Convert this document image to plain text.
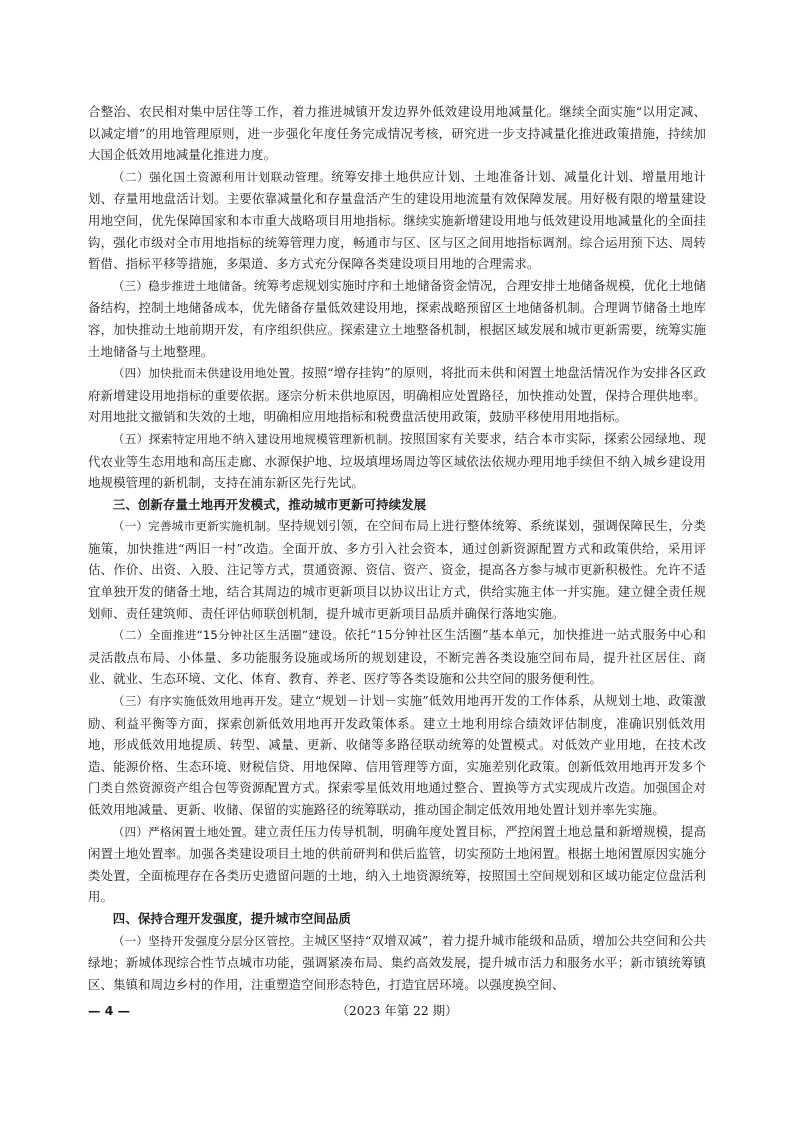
合整治、农民相对集中居住等工作，着力推进城镇开发边界外低效建设用地减量化。继续全面实施“以用定减、以减定增”的用地管理原则，进一步强化年度任务完成情况考核，研究进一步支持减量化推进政策措施，持续加大国企低效用地减量化推进力度。

（二）强化国土资源利用计划联动管理。统筹安排土地供应计划、土地准备计划、减量化计划、增量用地计划、存量用地盘活计划。主要依靠减量化和存量盘活产生的建设用地流量有效保障发展。用好极有限的增量建设用地空间，优先保障国家和本市重大战略项目用地指标。继续实施新增建设用地与低效建设用地减量化的全面挂钩，强化市级对全市用地指标的统筹管理力度，畅通市与区、区与区之间用地指标调剂。综合运用预下达、周转暂借、指标平移等措施，多渠道、多方式充分保障各类建设项目用地的合理需求。

（三）稳步推进土地储备。统筹考虑规划实施时序和土地储备资金情况，合理安排土地储备规模，优化土地储备结构，控制土地储备成本，优先储备存量低效建设用地，探索战略预留区土地储备机制。合理调节储备土地库容，加快推动土地前期开发，有序组织供应。探索建立土地整备机制，根据区域发展和城市更新需要，统筹实施土地储备与土地整理。

（四）加快批而未供建设用地处置。按照“增存挂钩”的原则，将批而未供和闲置土地盘活情况作为安排各区政府新增建设用地指标的重要依据。逐宗分析未供地原因，明确相应处置路径，加快推动处置，保持合理供地率。对用地批文撤销和失效的土地，明确相应用地指标和税费盘活使用政策，鼓励平移使用用地指标。

（五）探索特定用地不纳入建设用地规模管理新机制。按照国家有关要求，结合本市实际，探索公园绿地、现代农业等生态用地和高压走廊、水源保护地、垃圾填埋场周边等区域依法依规办理用地手续但不纳入城乡建设用地规模管理的新机制，支持在浦东新区先行先试。

三、创新存量土地再开发模式，推动城市更新可持续发展

（一）完善城市更新实施机制。坚持规划引领，在空间布局上进行整体统筹、系统谋划，强调保障民生，分类施策，加快推进“两旧一村”改造。全面开放、多方引入社会资本，通过创新资源配置方式和政策供给，采用评估、作价、出资、入股、注记等方式，贯通资源、资信、资产、资金，提高各方参与城市更新积极性。允许不适宜单独开发的储备土地，结合其周边的城市更新项目以协议出让方式，供给实施主体一并实施。建立健全责任规划师、责任建筑师、责任评估师联创机制，提升城市更新项目品质并确保行落地实施。

（二）全面推进“15分钟社区生活圈”建设。依托“15分钟社区生活圈”基本单元，加快推进一站式服务中心和灵活散点布局、小体量、多功能服务设施或场所的规划建设，不断完善各类设施空间布局，提升社区居住、商业、就业、生态环境、文化、体育、教育、养老、医疗等各类设施和公共空间的服务便利性。

（三）有序实施低效用地再开发。建立“规划－计划－实施”低效用地再开发的工作体系，从规划土地、政策激励、利益平衡等方面，探索创新低效用地再开发政策体系。建立土地利用综合绩效评估制度，准确识别低效用地，形成低效用地提质、转型、减量、更新、收储等多路径联动统筹的处置模式。对低效产业用地，在技术改造、能源价格、生态环境、财税信贷、用地保障、信用管理等方面，实施差别化政策。创新低效用地再开发多个门类自然资源资产组合包等资源配置方式。探索零星低效用地通过整合、置换等方式实现成片改造。加强国企对低效用地减量、更新、收储、保留的实施路径的统筹联动，推动国企制定低效用地处置计划并率先实施。

（四）严格闲置土地处置。建立责任压力传导机制，明确年度处置目标，严控闲置土地总量和新增规模，提高闲置土地处置率。加强各类建设项目土地的供前研判和供后监管，切实预防土地闲置。根据土地闲置原因实施分类处置，全面梳理存在各类历史遗留问题的土地，纳入土地资源统筹，按照国土空间规划和区域功能定位盘活利用。

四、保持合理开发强度，提升城市空间品质

（一）坚持开发强度分层分区管控。主城区坚持“双增双减”，着力提升城市能级和品质，增加公共空间和公共绿地；新城体现综合性节点城市功能，强调紧凑布局、集约高效发展，提升城市活力和服务水平；新市镇统筹镇区、集镇和周边乡村的作用，注重塑造空间形态特色，打造宜居环境。以强度换空间、

— 4 —	（2023 年第 22 期）
